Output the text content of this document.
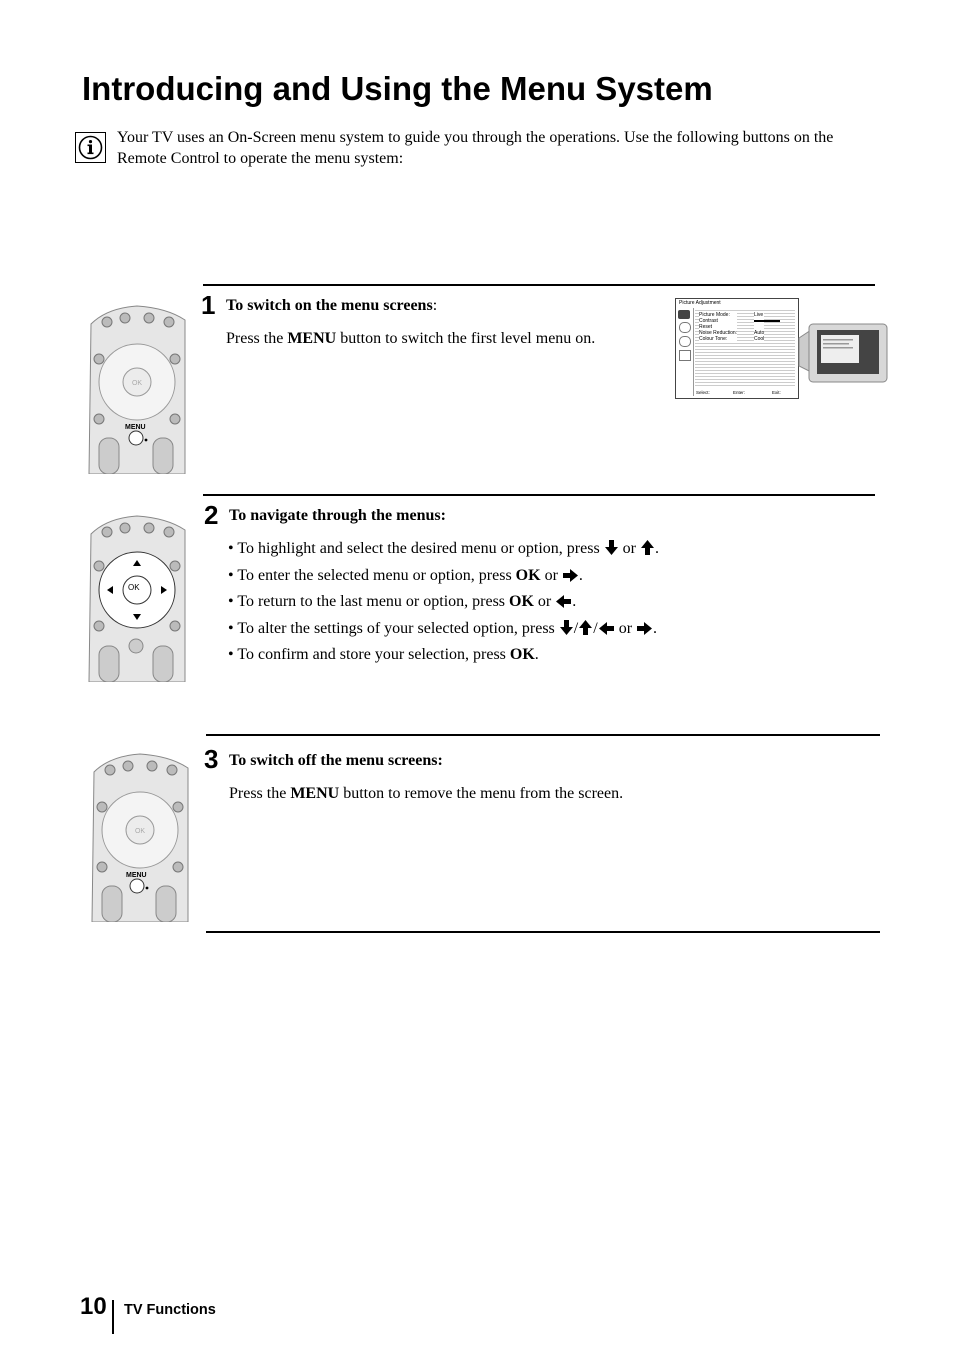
Introducing and Using the Menu System
Your TV uses an On-Screen menu system to guide you through the operations. Use the following buttons on the Remote Control to operate the menu system:
OK
MENU
1 To switch on the menu screens:
Press the MENU button to switch the first level menu on.
Picture Adjustment
Picture Mode:
Contrast
Reset
Noise Reduction:
Colour Tone:
Live
Auto
Cool
Select:	Enter:	Exit:
OK
2 To navigate through the menus:
• To highlight and select the desired menu or option, press  or .
• To enter the selected menu or option, press OK or .
• To return to the last menu or option, press OK or .
• To alter the settings of your selected option, press / / or .
• To confirm and store your selection, press OK.
OK
MENU
3 To switch off the menu screens:
Press the MENU button to remove the menu from the screen.
10 TV Functions
